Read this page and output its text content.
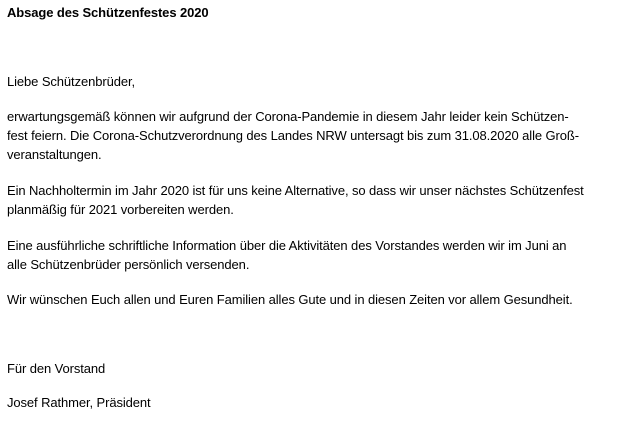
Absage des Schützenfestes 2020
Liebe Schützenbrüder,
erwartungsgemäß können wir aufgrund der Corona-Pandemie in diesem Jahr leider kein Schützen-
fest feiern. Die Corona-Schutzverordnung des Landes NRW untersagt bis zum 31.08.2020 alle Groß-
veranstaltungen.
Ein Nachholtermin im Jahr 2020 ist für uns keine Alternative, so dass wir unser nächstes Schützenfest
planmäßig für 2021 vorbereiten werden.
Eine ausführliche schriftliche Information über die Aktivitäten des Vorstandes werden wir im Juni an
alle Schützenbrüder persönlich versenden.
Wir wünschen Euch allen und Euren Familien alles Gute und in diesen Zeiten vor allem Gesundheit.
Für den Vorstand
Josef Rathmer, Präsident
